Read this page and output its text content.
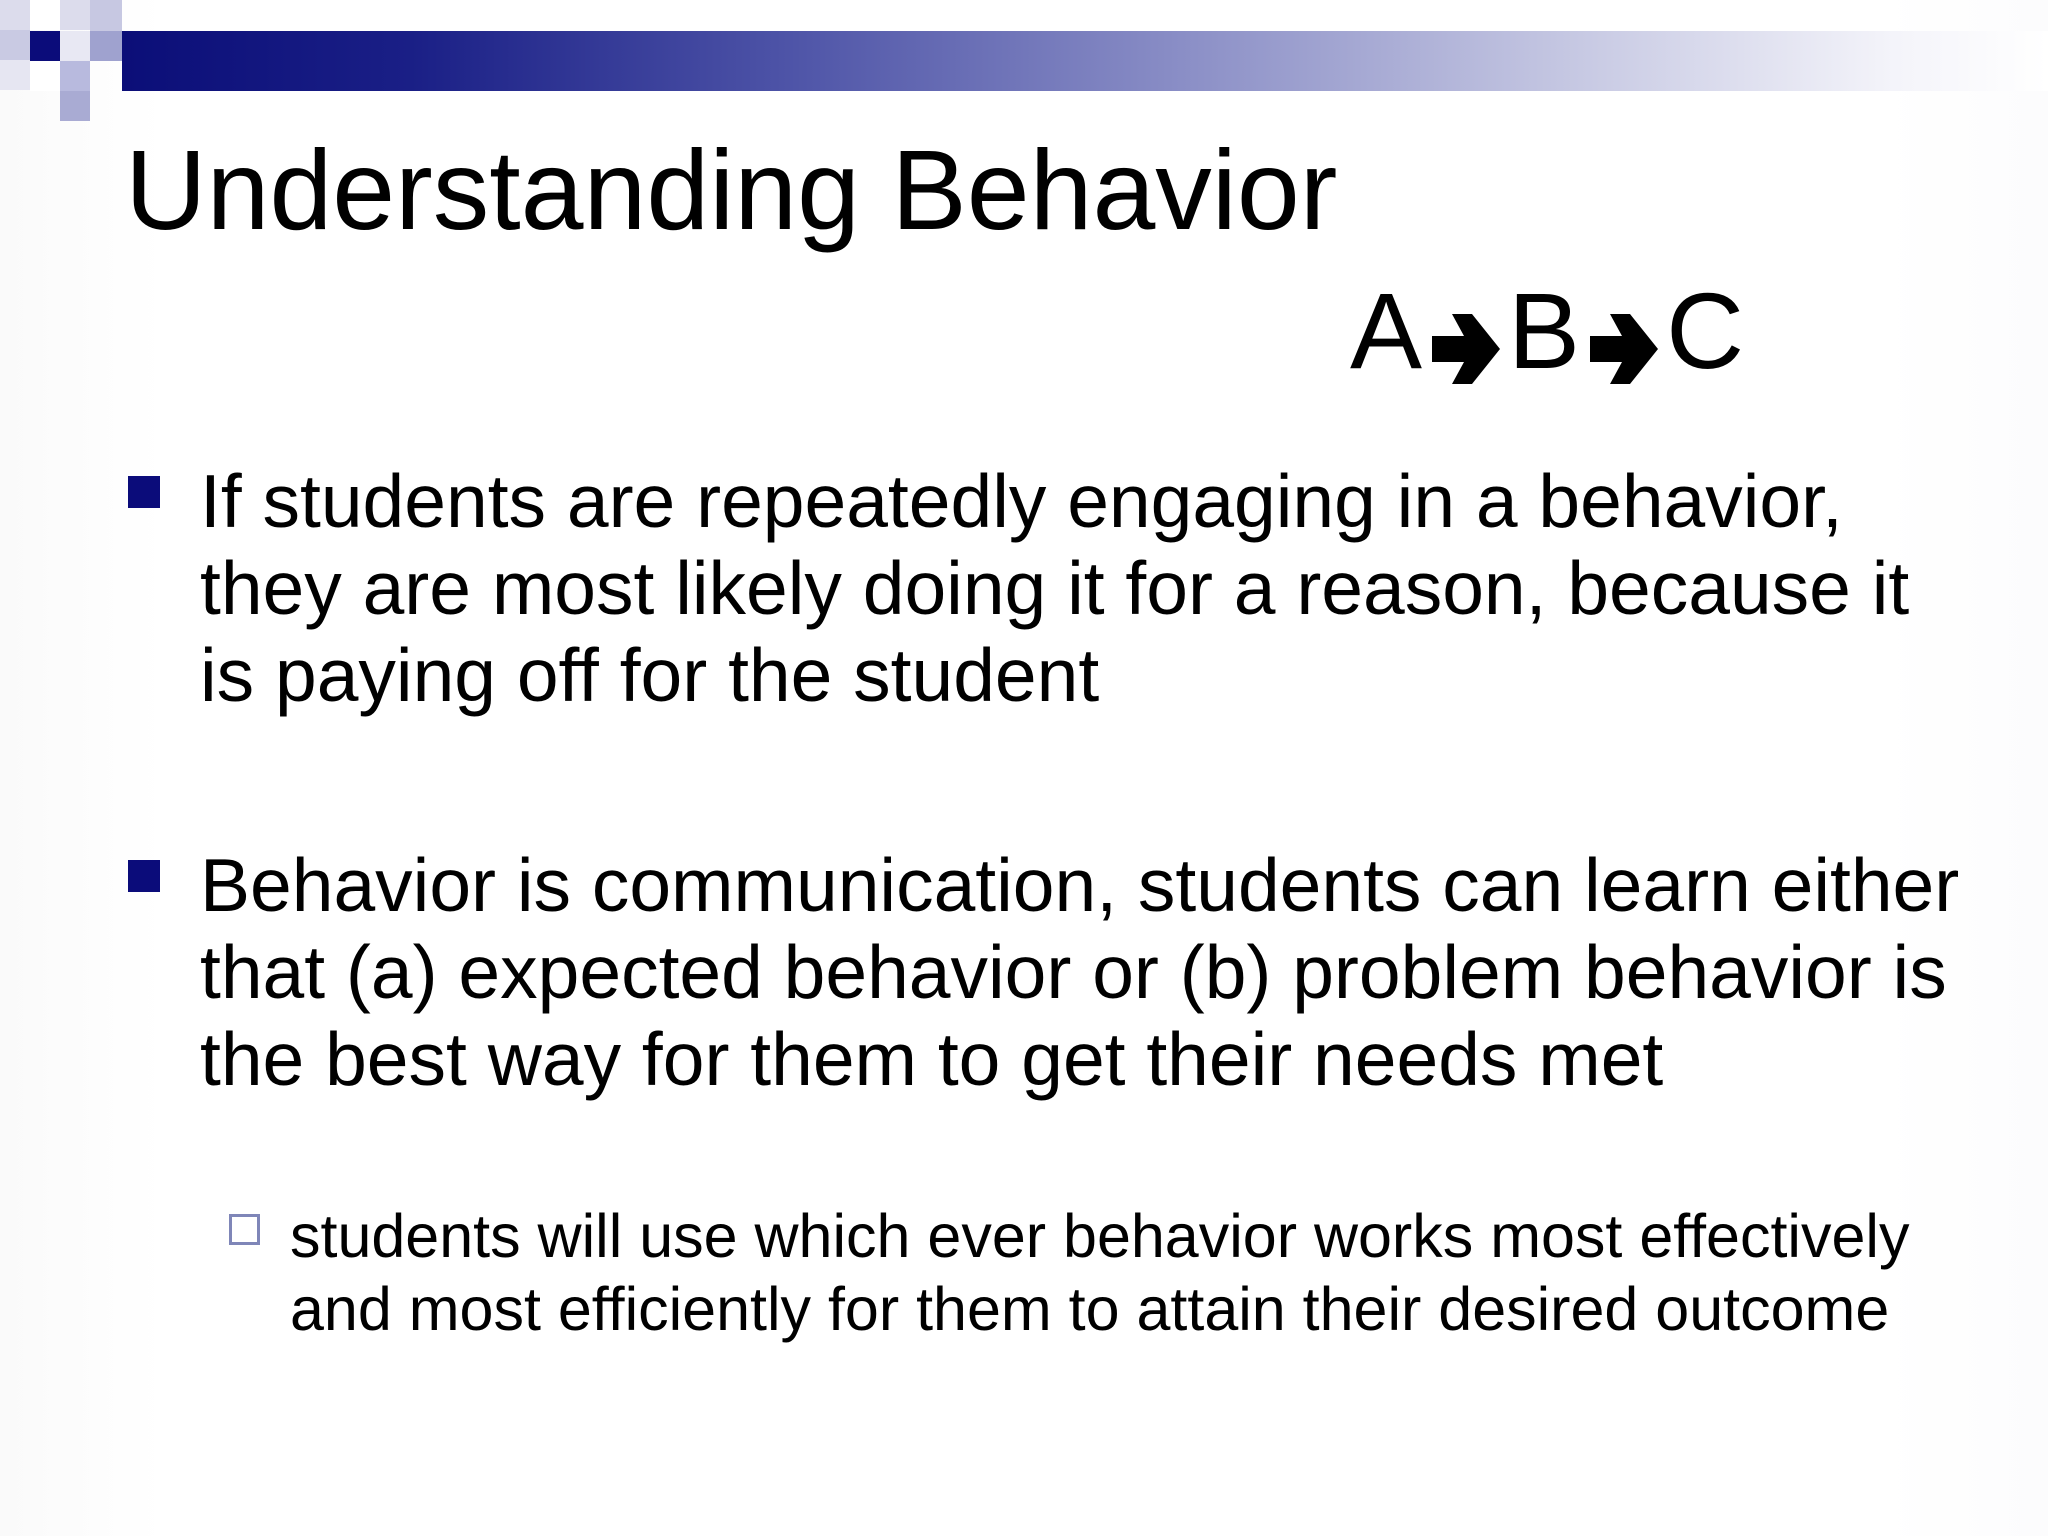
Understanding Behavior
A B C
If students are repeatedly engaging in a behavior, they are most likely doing it for a reason, because it is paying off for the student
Behavior is communication, students can learn either that (a) expected behavior or (b) problem behavior is the best way for them to get their needs met
students will use which ever behavior works most effectively and most efficiently for them to attain their desired outcome
